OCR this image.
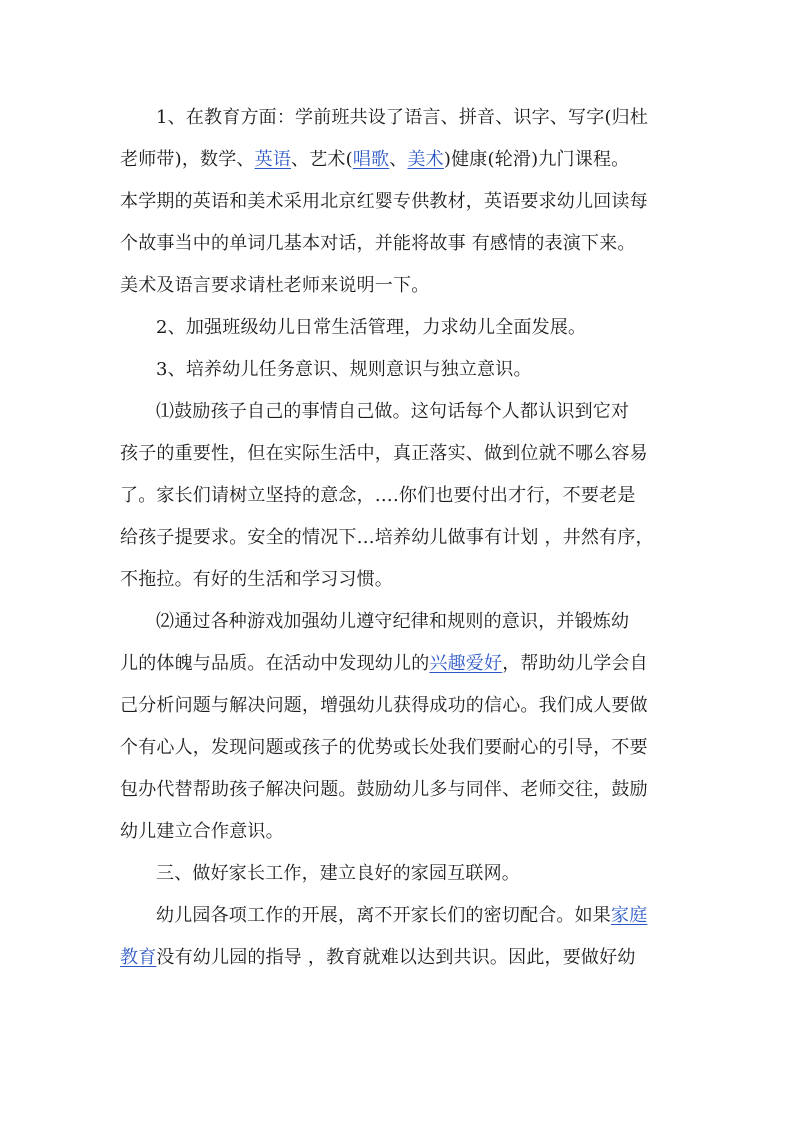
1、在教育方面：学前班共设了语言、拼音、识字、写字(归杜
老师带)，数学、英语、艺术(唱歌、美术)健康(轮滑)九门课程。
本学期的英语和美术采用北京红婴专供教材，英语要求幼儿回读每
个故事当中的单词几基本对话，并能将故事 有感情的表演下来。
美术及语言要求请杜老师来说明一下。
2、加强班级幼儿日常生活管理，力求幼儿全面发展。
3、培养幼儿任务意识、规则意识与独立意识。
⑴鼓励孩子自己的事情自己做。这句话每个人都认识到它对
孩子的重要性，但在实际生活中，真正落实、做到位就不哪么容易
了。家长们请树立坚持的意念，….你们也要付出才行，不要老是
给孩子提要求。安全的情况下…培养幼儿做事有计划 ，井然有序，
不拖拉。有好的生活和学习习惯。
⑵通过各种游戏加强幼儿遵守纪律和规则的意识，并锻炼幼
儿的体魄与品质。在活动中发现幼儿的兴趣爱好，帮助幼儿学会自
己分析问题与解决问题，增强幼儿获得成功的信心。我们成人要做
个有心人，发现问题或孩子的优势或长处我们要耐心的引导，不要
包办代替帮助孩子解决问题。鼓励幼儿多与同伴、老师交往，鼓励
幼儿建立合作意识。
三、做好家长工作，建立良好的家园互联网。
幼儿园各项工作的开展，离不开家长们的密切配合。如果家庭
教育没有幼儿园的指导 ，教育就难以达到共识。因此，要做好幼
